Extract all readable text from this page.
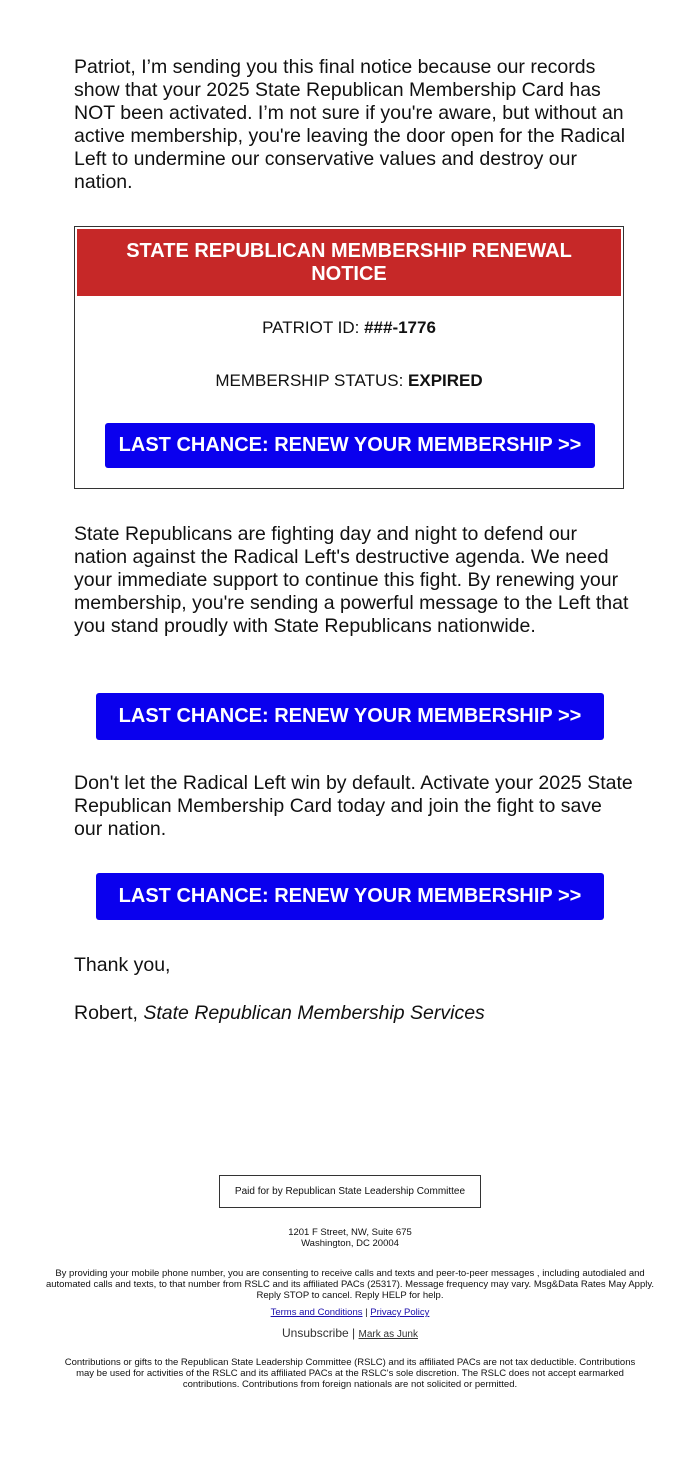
Patriot, I’m sending you this final notice because our records show that your 2025 State Republican Membership Card has NOT been activated. I’m not sure if you're aware, but without an active membership, you're leaving the door open for the Radical Left to undermine our conservative values and destroy our nation.

STATE REPUBLICAN MEMBERSHIP RENEWAL NOTICE
PATRIOT ID: ###-1776
MEMBERSHIP STATUS: EXPIRED
LAST CHANCE: RENEW YOUR MEMBERSHIP >>

State Republicans are fighting day and night to defend our nation against the Radical Left's destructive agenda. We need your immediate support to continue this fight. By renewing your membership, you're sending a powerful message to the Left that you stand proudly with State Republicans nationwide.

LAST CHANCE: RENEW YOUR MEMBERSHIP >>

Don't let the Radical Left win by default. Activate your 2025 State Republican Membership Card today and join the fight to save our nation.

LAST CHANCE: RENEW YOUR MEMBERSHIP >>
Thank you,
Robert, State Republican Membership Services
Paid for by Republican State Leadership Committee
1201 F Street, NW, Suite 675
Washington, DC 20004
By providing your mobile phone number, you are consenting to receive calls and texts and peer-to-peer messages , including autodialed and automated calls and texts, to that number from RSLC and its affiliated PACs (25317). Message frequency may vary. Msg&Data Rates May Apply. Reply STOP to cancel. Reply HELP for help.
Terms and Conditions | Privacy Policy
Unsubscribe | Mark as Junk
Contributions or gifts to the Republican State Leadership Committee (RSLC) and its affiliated PACs are not tax deductible. Contributions may be used for activities of the RSLC and its affiliated PACs at the RSLC's sole discretion. The RSLC does not accept earmarked contributions. Contributions from foreign nationals are not solicited or permitted.
